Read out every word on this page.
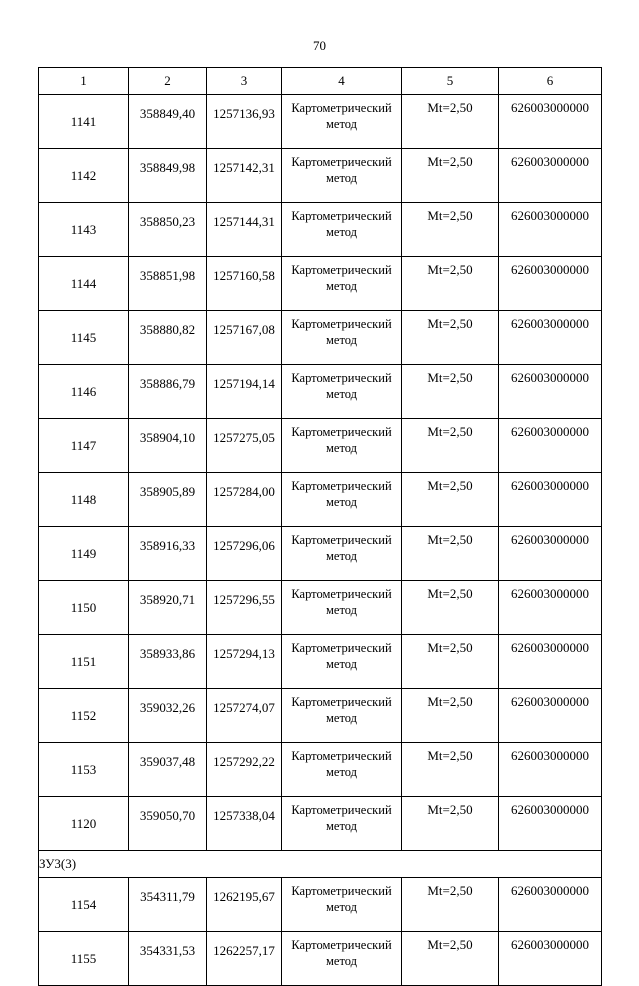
70
1	2	3	4	5	6
1141	358849,40	1257136,93	Картометрический метод	Mt=2,50	626003000000
1142	358849,98	1257142,31	Картометрический метод	Mt=2,50	626003000000
1143	358850,23	1257144,31	Картометрический метод	Mt=2,50	626003000000
1144	358851,98	1257160,58	Картометрический метод	Mt=2,50	626003000000
1145	358880,82	1257167,08	Картометрический метод	Mt=2,50	626003000000
1146	358886,79	1257194,14	Картометрический метод	Mt=2,50	626003000000
1147	358904,10	1257275,05	Картометрический метод	Mt=2,50	626003000000
1148	358905,89	1257284,00	Картометрический метод	Mt=2,50	626003000000
1149	358916,33	1257296,06	Картометрический метод	Mt=2,50	626003000000
1150	358920,71	1257296,55	Картометрический метод	Mt=2,50	626003000000
1151	358933,86	1257294,13	Картометрический метод	Mt=2,50	626003000000
1152	359032,26	1257274,07	Картометрический метод	Mt=2,50	626003000000
1153	359037,48	1257292,22	Картометрический метод	Mt=2,50	626003000000
1120	359050,70	1257338,04	Картометрический метод	Mt=2,50	626003000000
ЗУ3(3)					
1154	354311,79	1262195,67	Картометрический метод	Mt=2,50	626003000000
1155	354331,53	1262257,17	Картометрический метод	Mt=2,50	626003000000
